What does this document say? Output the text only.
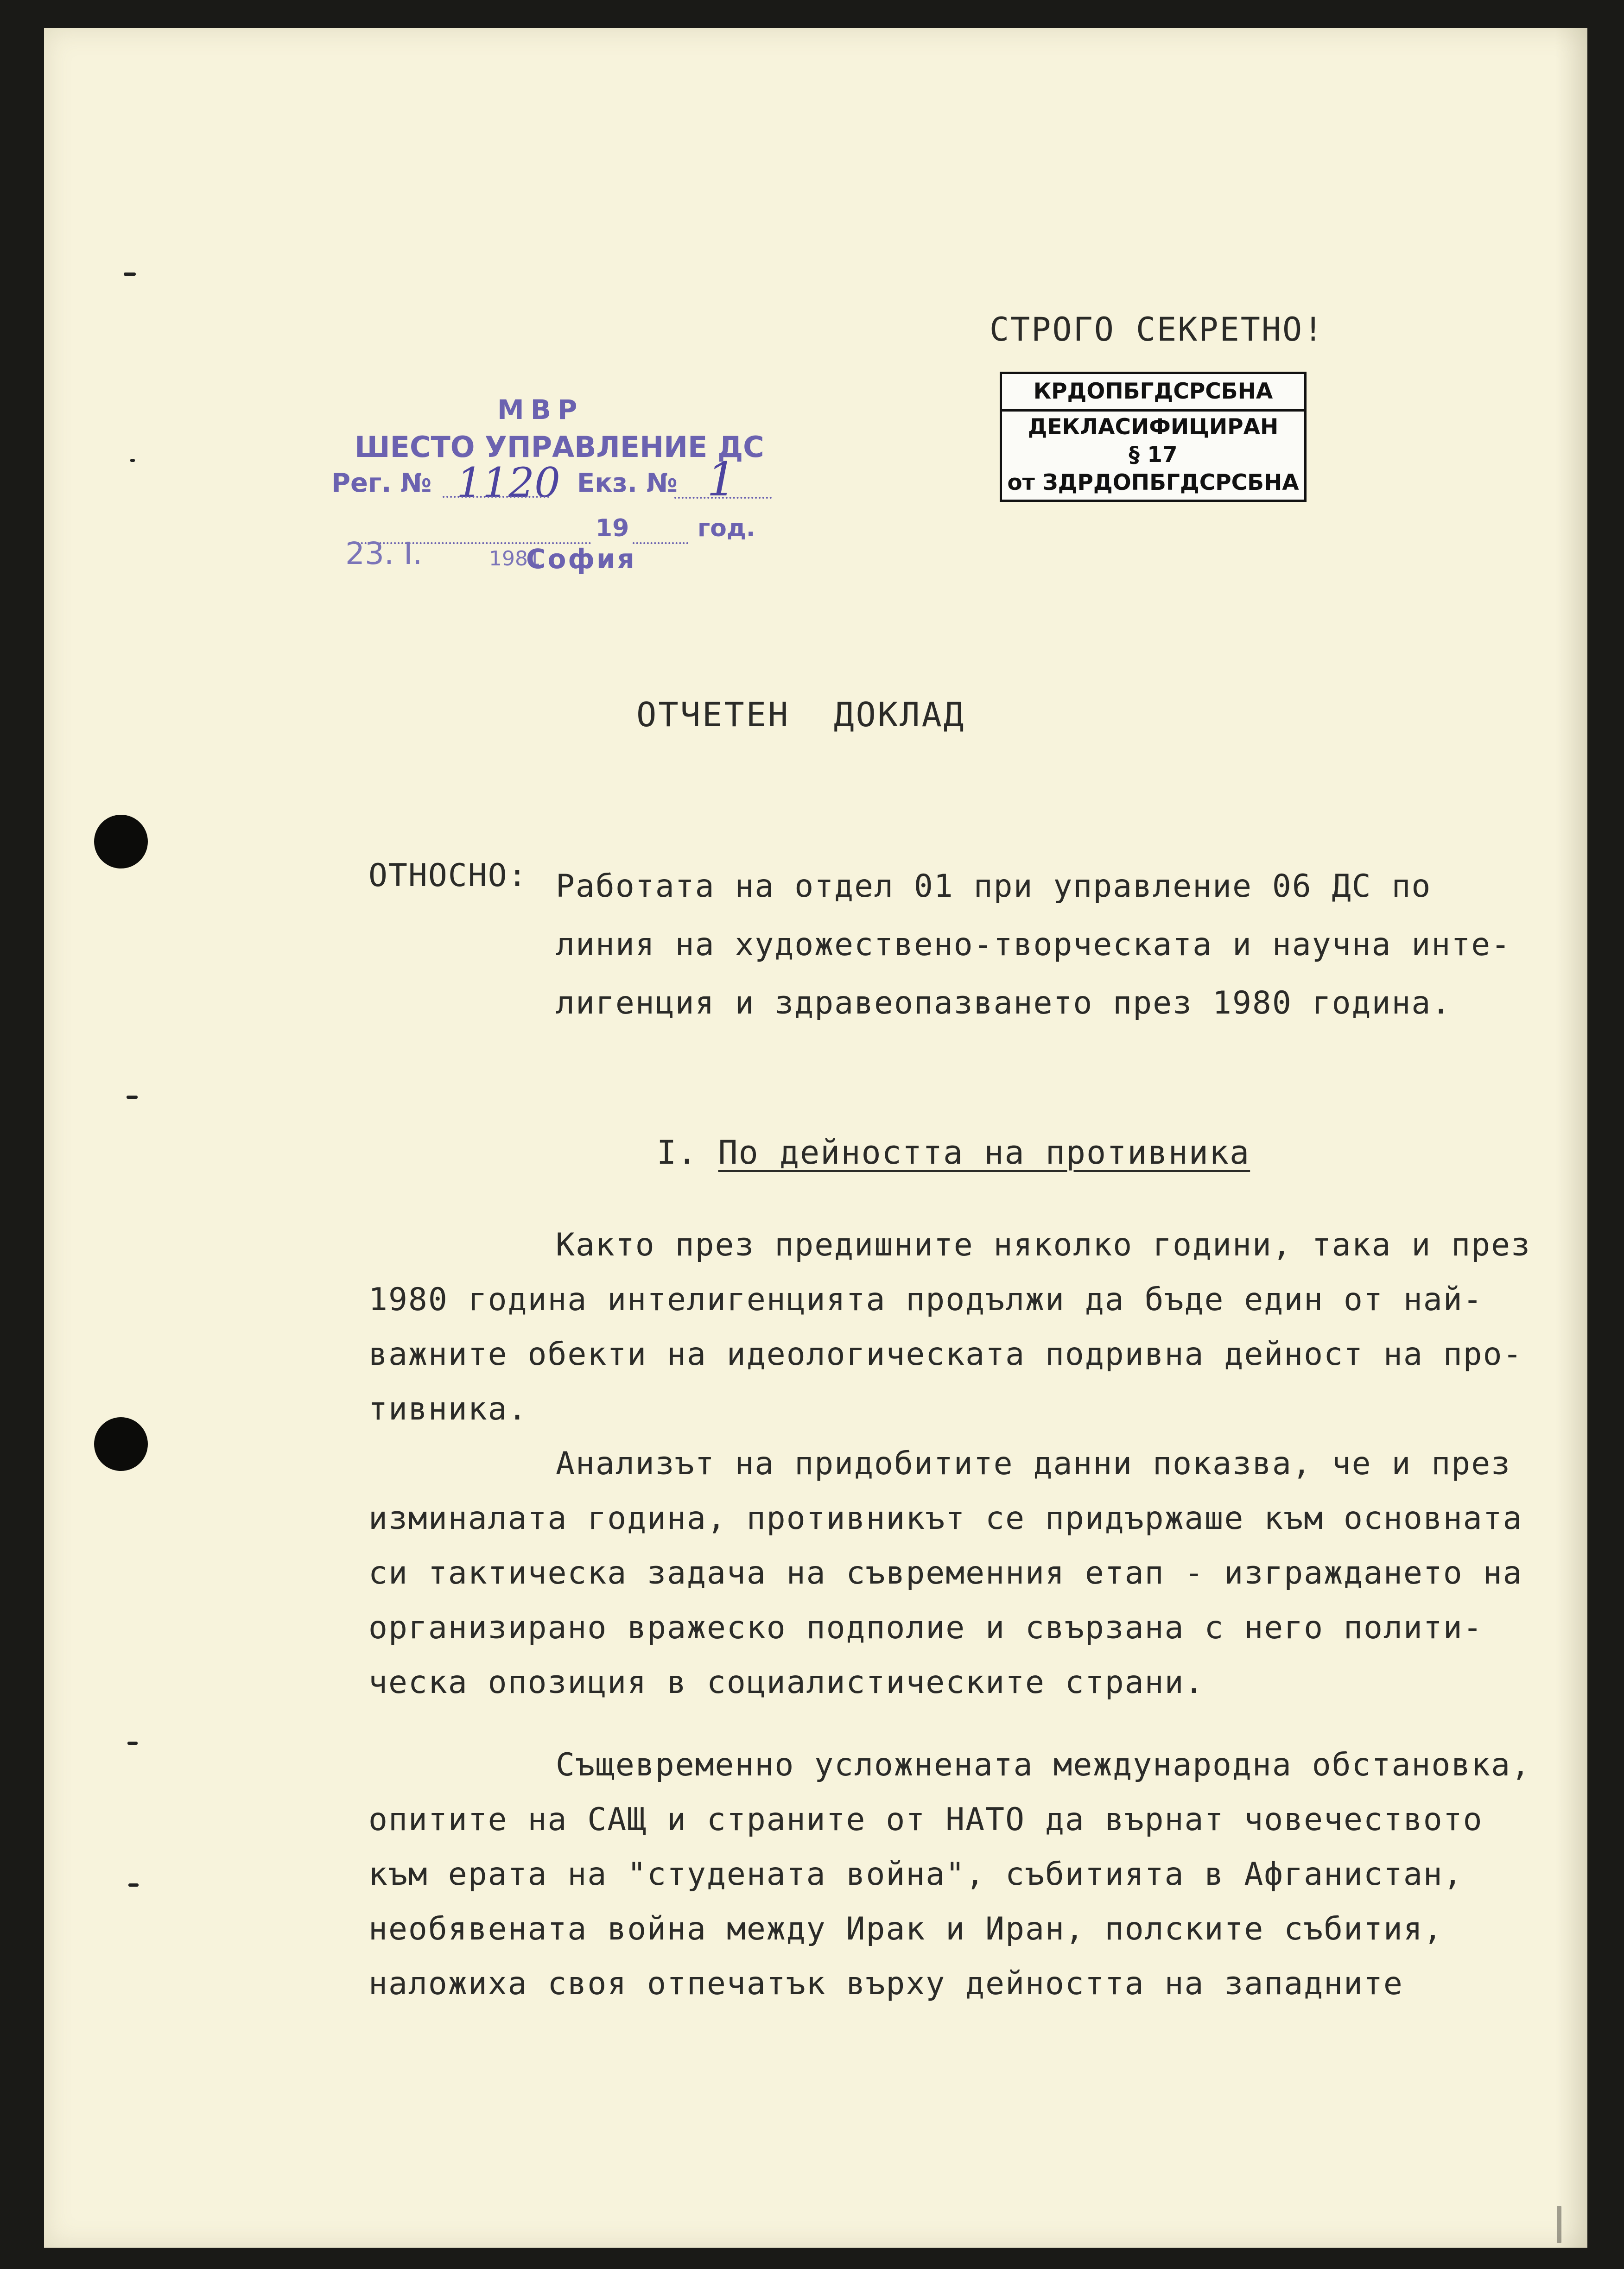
СТРОГО СЕКРЕТНО!

КРДОПБГДСРСБНА
ДЕКЛАСИФИЦИРАН
§ 17
от ЗДРДОПБГДСРСБНА
МВР
ШЕСТО УПРАВЛЕНИЕ ДС
Рег. № 1120 Екз. № 1
19	год.
23. I.	1981
София
ОТЧЕТЕН  ДОКЛАД
ОТНОСНО: Работата на отдел 01 при управление 06 ДС по
линия на художествено-творческата и научна инте-
лигенция и здравеопазването през 1980 година.
I. По дейността на противника
Както през предишните няколко години, така и през
1980 година интелигенцията продължи да бъде един от най-
важните обекти на идеологическата подривна дейност на про-
тивника.
Анализът на придобитите данни показва, че и през
изминалата година, противникът се придържаше към основната
си тактическа задача на съвременния етап - изграждането на
организирано вражеско подполие и свързана с него полити-
ческа опозиция в социалистическите страни.
Същевременно усложнената международна обстановка,
опитите на САЩ и страните от НАТО да върнат човечеството
към ерата на "студената война", събитията в Афганистан,
необявената война между Ирак и Иран, полските събития,
наложиха своя отпечатък върху дейността на западните
